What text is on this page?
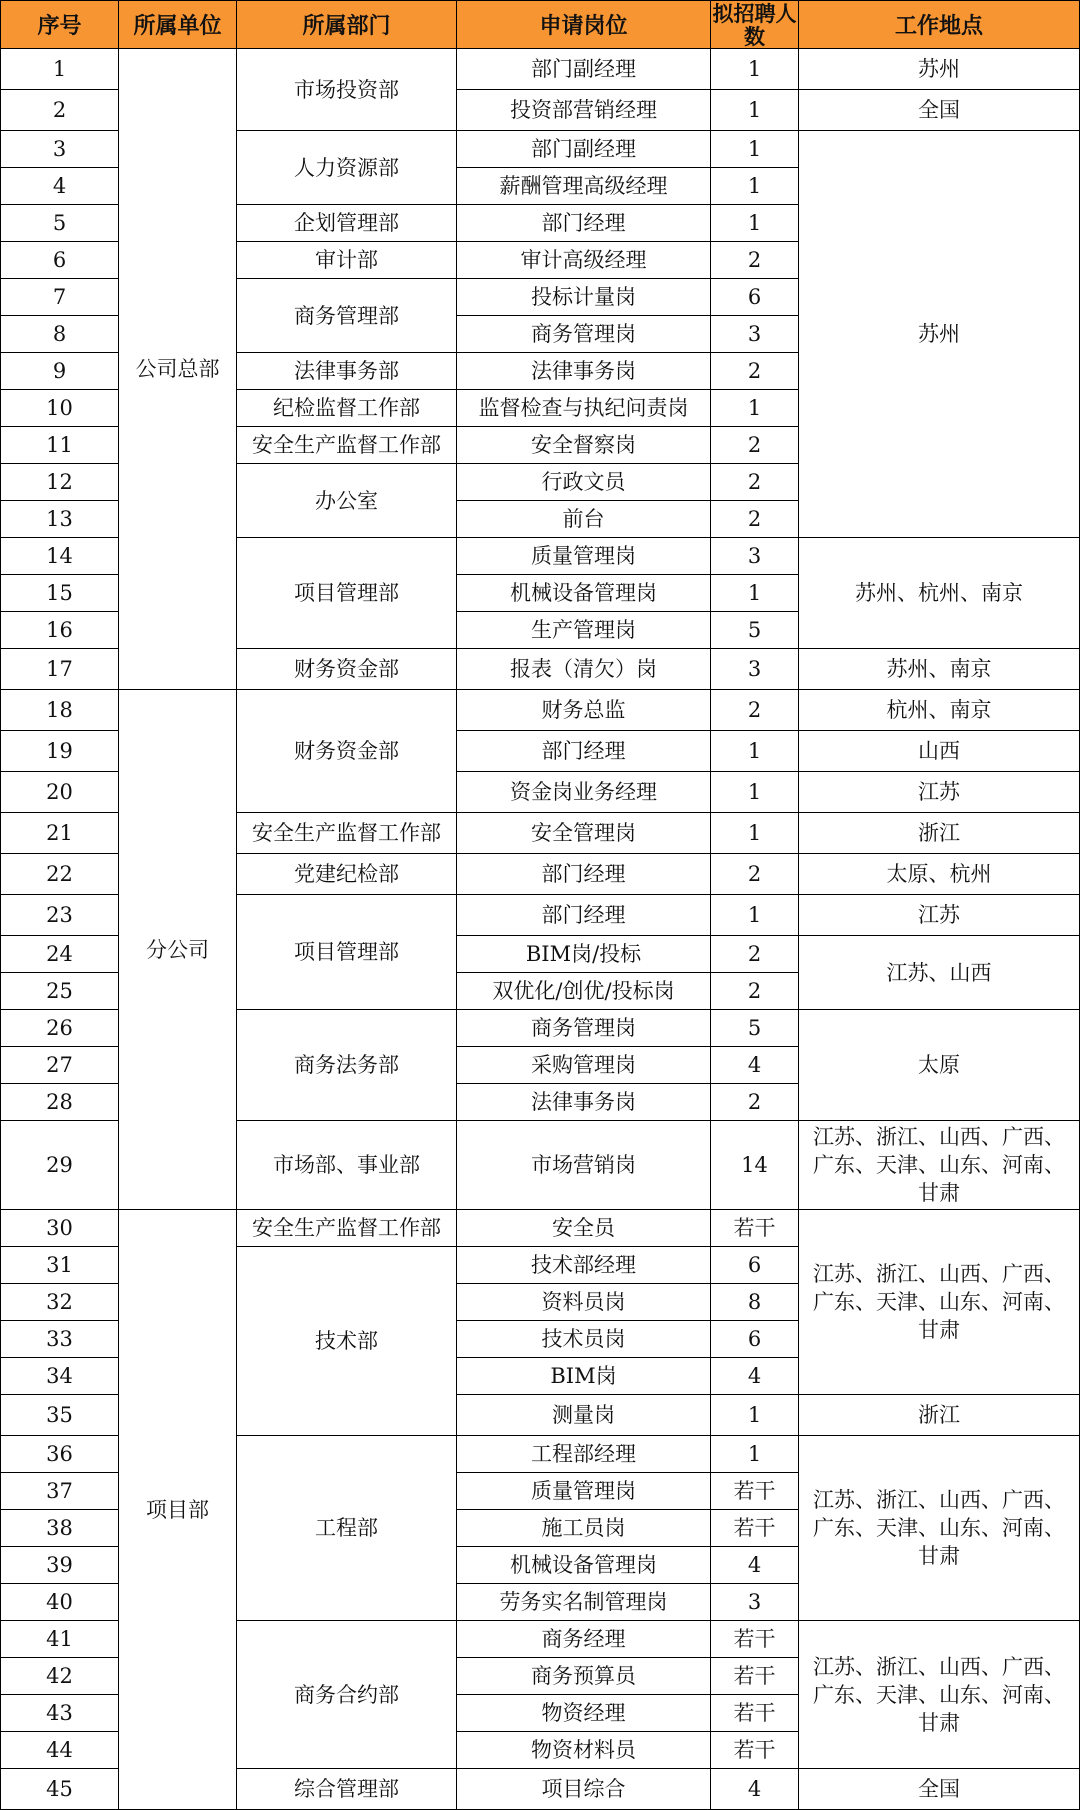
序号	所属单位	所属部门	申请岗位	拟招聘人数	工作地点
1	公司总部	市场投资部	部门副经理	1	苏州
2			投资部营销经理	1	全国
3		人力资源部	部门副经理	1	苏州
4			薪酬管理高级经理	1	
5		企划管理部	部门经理	1	
6		审计部	审计高级经理	2	
7		商务管理部	投标计量岗	6	
8			商务管理岗	3	
9		法律事务部	法律事务岗	2	
10		纪检监督工作部	监督检查与执纪问责岗	1	
11		安全生产监督工作部	安全督察岗	2	
12		办公室	行政文员	2	
13			前台	2	
14		项目管理部	质量管理岗	3	苏州、杭州、南京
15			机械设备管理岗	1	
16			生产管理岗	5	
17		财务资金部	报表（清欠）岗	3	苏州、南京
18	分公司	财务资金部	财务总监	2	杭州、南京
19			部门经理	1	山西
20			资金岗业务经理	1	江苏
21		安全生产监督工作部	安全管理岗	1	浙江
22		党建纪检部	部门经理	2	太原、杭州
23		项目管理部	部门经理	1	江苏
24			BIM岗/投标	2	江苏、山西
25			双优化/创优/投标岗	2	
26		商务法务部	商务管理岗	5	太原
27			采购管理岗	4	
28			法律事务岗	2	
29		市场部、事业部	市场营销岗	14	江苏、浙江、山西、广西、广东、天津、山东、河南、甘肃
30	项目部	安全生产监督工作部	安全员	若干	江苏、浙江、山西、广西、广东、天津、山东、河南、甘肃
31		技术部	技术部经理	6	
32			资料员岗	8	
33			技术员岗	6	
34			BIM岗	4	
35			测量岗	1	浙江
36		工程部	工程部经理	1	江苏、浙江、山西、广西、广东、天津、山东、河南、甘肃
37			质量管理岗	若干	
38			施工员岗	若干	
39			机械设备管理岗	4	
40			劳务实名制管理岗	3	
41		商务合约部	商务经理	若干	江苏、浙江、山西、广西、广东、天津、山东、河南、甘肃
42			商务预算员	若干	
43			物资经理	若干	
44			物资材料员	若干	
45		综合管理部	项目综合	4	全国
